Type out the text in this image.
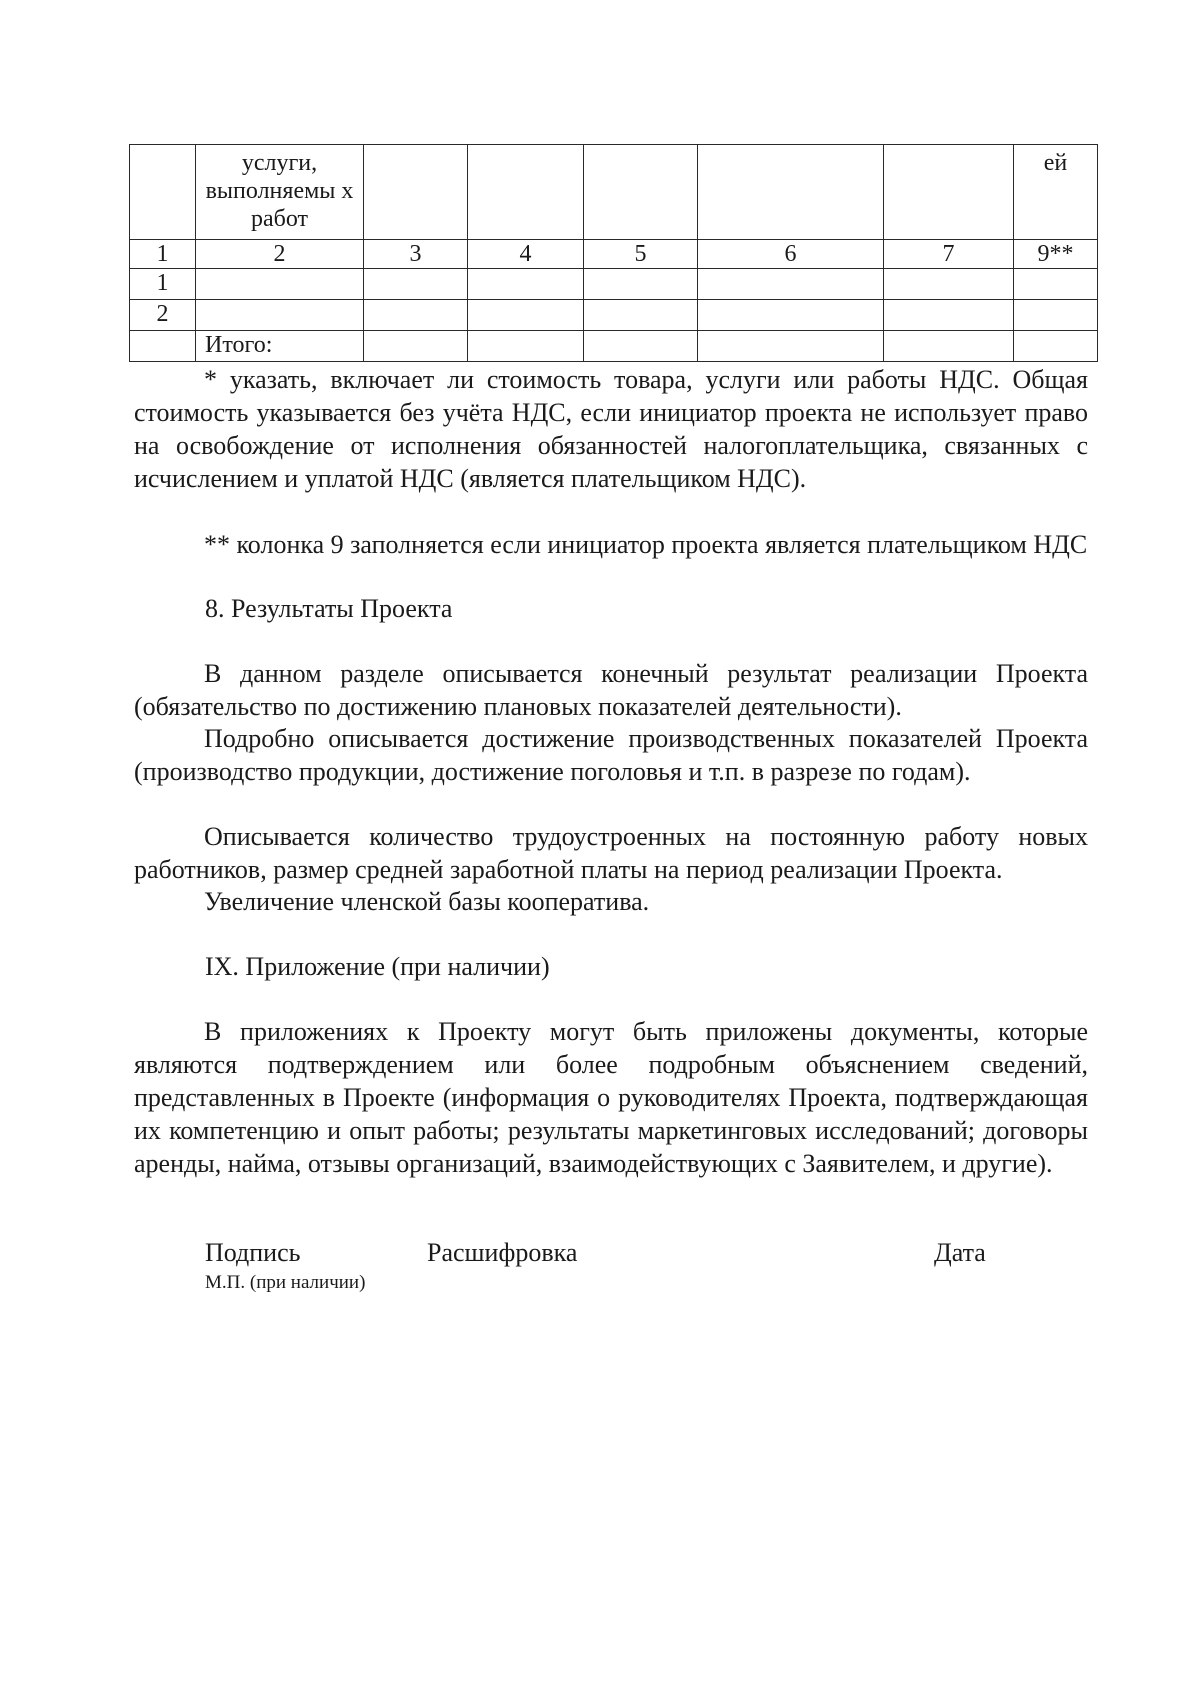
	услуги, выполняемы х работ						ей
1	2	3	4	5	6	7	9**
1							
2							
	Итого:						
* указать, включает ли стоимость товара, услуги или работы НДС. Общая стоимость указывается без учёта НДС, если инициатор проекта не использует право на освобождение от исполнения обязанностей налогоплательщика, связанных с исчислением и уплатой НДС (является плательщиком НДС).
** колонка 9 заполняется если инициатор проекта является плательщиком НДС
8. Результаты Проекта
В данном разделе описывается конечный результат реализации Проекта (обязательство по достижению плановых показателей деятельности).
Подробно описывается достижение производственных показателей Проекта (производство продукции, достижение поголовья и т.п. в разрезе по годам).
Описывается количество трудоустроенных на постоянную работу новых работников, размер средней заработной платы на период реализации Проекта.
Увеличение членской базы кооператива.
IX. Приложение (при наличии)
В приложениях к Проекту могут быть приложены документы, которые являются подтверждением или более подробным объяснением сведений, представленных в Проекте (информация о руководителях Проекта, подтверждающая их компетенцию и опыт работы; результаты маркетинговых исследований; договоры аренды, найма, отзывы организаций, взаимодействующих с Заявителем, и другие).
Подпись	Расшифровка	Дата
М.П. (при наличии)
